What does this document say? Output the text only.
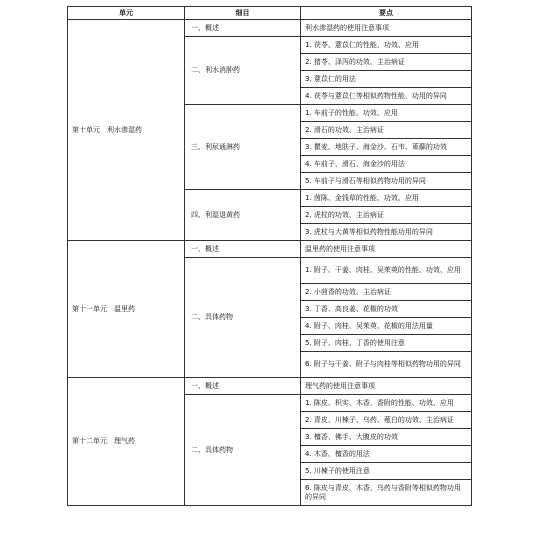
单元	细目	要点
第十单元　利水渗湿药	一、概述	利水渗湿药的使用注意事项
	二、利水消肿药	1. 茯苓、薏苡仁的性能、功效、应用
		2. 猪苓、泽泻的功效、主治病证
		3. 薏苡仁的用法
		4. 茯苓与薏苡仁等相似药物性能、功用的异同
	三、利尿通淋药	1. 车前子的性能、功效、应用
		2. 滑石的功效、主治病证
		3. 瞿麦、地肤子、海金沙、石韦、萆薢的功效
		4. 车前子、滑石、海金沙的用法
		5. 车前子与滑石等相似药物功用的异同
	四、利湿退黄药	1. 茵陈、金钱草的性能、功效、应用
		2. 虎杖的功效、主治病证
		3. 虎杖与大黄等相似药物性能功用的异同
第十一单元　温里药	一、概述	温里药的使用注意事项
	二、具体药物	1. 附子、干姜、肉桂、吴茱萸的性能、功效、应用
		2. 小茴香的功效、主治病证
		3. 丁香、高良姜、花椒的功效
		4. 附子、肉桂、吴茱萸、花椒的用法用量
		5. 附子、肉桂、丁香的使用注意
		6. 附子与干姜、附子与肉桂等相似药物功用的异同
第十二单元　理气药	一、概述	理气药的使用注意事项
	二、具体药物	1. 陈皮、枳实、木香、香附的性能、功效、应用
		2. 青皮、川楝子、乌药、薤白的功效、主治病证
		3. 檀香、佛手、大腹皮的功效
		4. 木香、檀香的用法
		5. 川楝子的使用注意
		6. 陈皮与青皮，木香、乌药与香附等相似药物功用的异同
